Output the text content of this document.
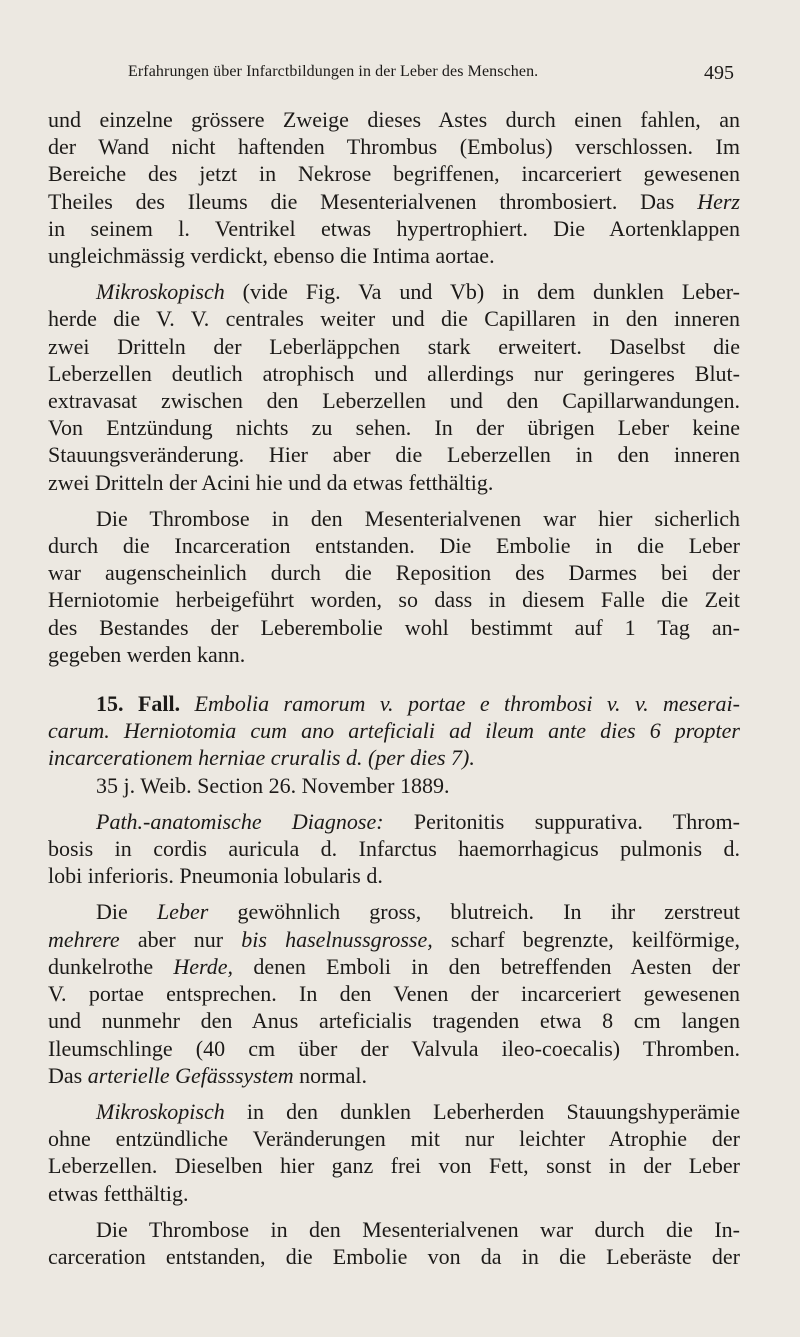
Erfahrungen über Infarctbildungen in der Leber des Menschen.	495
und einzelne grössere Zweige dieses Astes durch einen fahlen, an
der Wand nicht haftenden Thrombus (Embolus) verschlossen. Im
Bereiche des jetzt in Nekrose begriffenen, incarceriert gewesenen
Theiles des Ileums die Mesenterialvenen thrombosiert. Das Herz
in seinem l. Ventrikel etwas hypertrophiert. Die Aortenklappen
ungleichmässig verdickt, ebenso die Intima aortae.
Mikroskopisch (vide Fig. Va und Vb) in dem dunklen Leber-
herde die V. V. centrales weiter und die Capillaren in den inneren
zwei Dritteln der Leberläppchen stark erweitert. Daselbst die
Leberzellen deutlich atrophisch und allerdings nur geringeres Blut-
extravasat zwischen den Leberzellen und den Capillarwandungen.
Von Entzündung nichts zu sehen. In der übrigen Leber keine
Stauungsveränderung. Hier aber die Leberzellen in den inneren
zwei Dritteln der Acini hie und da etwas fetthältig.
Die Thrombose in den Mesenterialvenen war hier sicherlich
durch die Incarceration entstanden. Die Embolie in die Leber
war augenscheinlich durch die Reposition des Darmes bei der
Herniotomie herbeigeführt worden, so dass in diesem Falle die Zeit
des Bestandes der Leberembolie wohl bestimmt auf 1 Tag an-
gegeben werden kann.
15. Fall. Embolia ramorum v. portae e thrombosi v. v. meserai-
carum. Herniotomia cum ano arteficiali ad ileum ante dies 6 propter
incarcerationem herniae cruralis d. (per dies 7).
35 j. Weib. Section 26. November 1889.
Path.-anatomische Diagnose: Peritonitis suppurativa. Throm-
bosis in cordis auricula d. Infarctus haemorrhagicus pulmonis d.
lobi inferioris. Pneumonia lobularis d.
Die Leber gewöhnlich gross, blutreich. In ihr zerstreut
mehrere aber nur bis haselnussgrosse, scharf begrenzte, keilförmige,
dunkelrothe Herde, denen Emboli in den betreffenden Aesten der
V. portae entsprechen. In den Venen der incarceriert gewesenen
und nunmehr den Anus arteficialis tragenden etwa 8 cm langen
Ileumschlinge (40 cm über der Valvula ileo-coecalis) Thromben.
Das arterielle Gefässsystem normal.
Mikroskopisch in den dunklen Leberherden Stauungshyperämie
ohne entzündliche Veränderungen mit nur leichter Atrophie der
Leberzellen. Dieselben hier ganz frei von Fett, sonst in der Leber
etwas fetthältig.
Die Thrombose in den Mesenterialvenen war durch die In-
carceration entstanden, die Embolie von da in die Leberäste der
